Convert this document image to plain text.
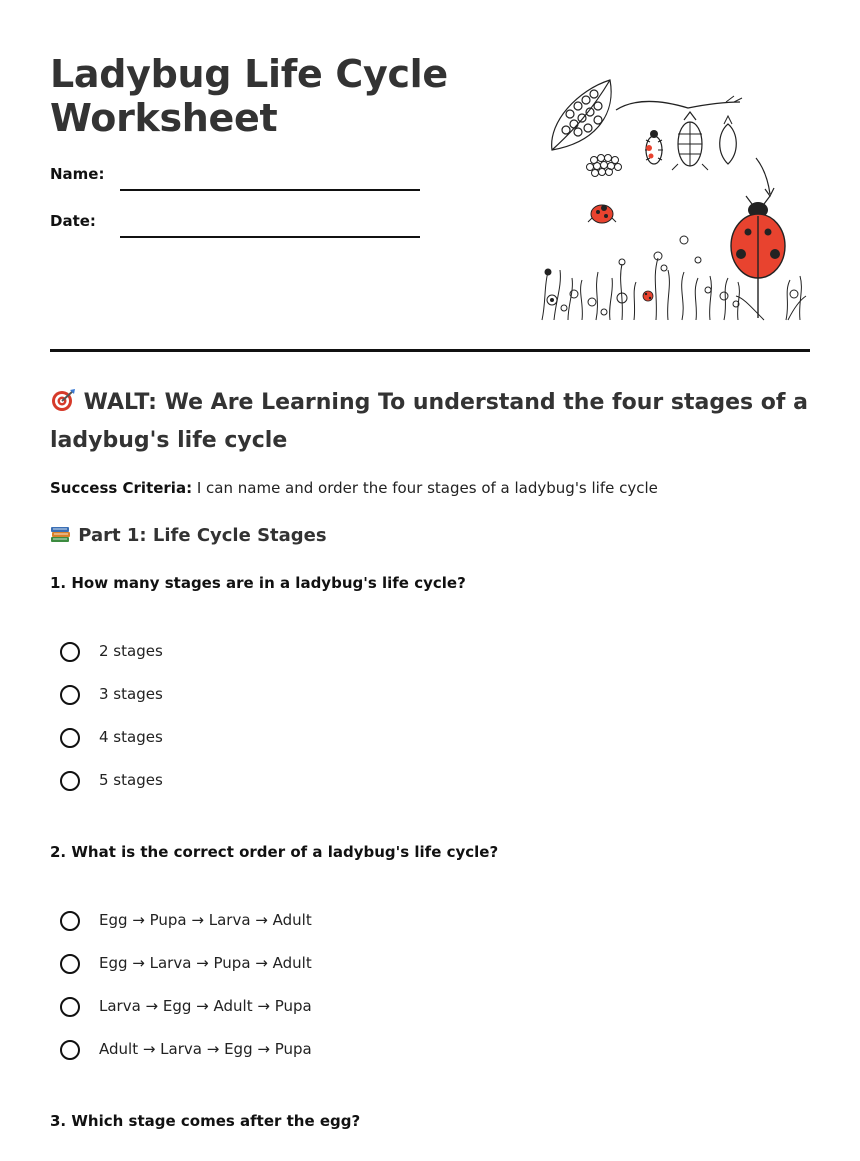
Ladybug Life Cycle Worksheet
Name:
Date:
WALT: We Are Learning To understand the four stages of a ladybug's life cycle

Success Criteria: I can name and order the four stages of a ladybug's life cycle

Part 1: Life Cycle Stages

1. How many stages are in a ladybug's life cycle?

2 stages
3 stages
4 stages
5 stages

2. What is the correct order of a ladybug's life cycle?

Egg → Pupa → Larva → Adult
Egg → Larva → Pupa → Adult
Larva → Egg → Adult → Pupa
Adult → Larva → Egg → Pupa

3. Which stage comes after the egg?
